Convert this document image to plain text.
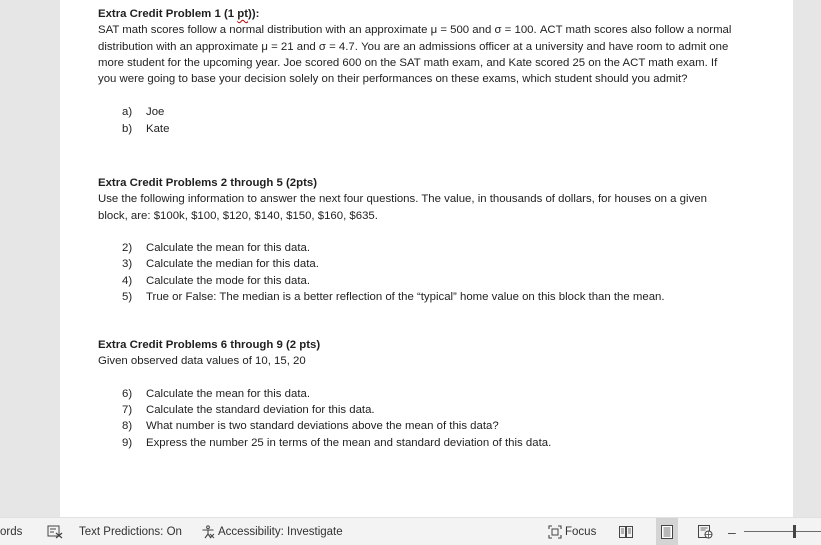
Extra Credit Problem 1 (1 pt)):
SAT math scores follow a normal distribution with an approximate μ = 500 and σ = 100. ACT math scores also follow a normal distribution with an approximate μ = 21 and σ = 4.7. You are an admissions officer at a university and have room to admit one more student for the upcoming year. Joe scored 600 on the SAT math exam, and Kate scored 25 on the ACT math exam. If you were going to base your decision solely on their performances on these exams, which student should you admit?
a)	Joe
b)	Kate
Extra Credit Problems 2 through 5 (2pts)
Use the following information to answer the next four questions. The value, in thousands of dollars, for houses on a given block, are: $100k, $100, $120, $140, $150, $160, $635.
2)	Calculate the mean for this data.
3)	Calculate the median for this data.
4)	Calculate the mode for this data.
5)	True or False: The median is a better reflection of the “typical” home value on this block than the mean.
Extra Credit Problems 6 through 9 (2 pts)
Given observed data values of 10, 15, 20
6)	Calculate the mean for this data.
7)	Calculate the standard deviation for this data.
8)	What number is two standard deviations above the mean of this data?
9)	Express the number 25 in terms of the mean and standard deviation of this data.
ords	Text Predictions: On	Accessibility: Investigate	Focus	–
